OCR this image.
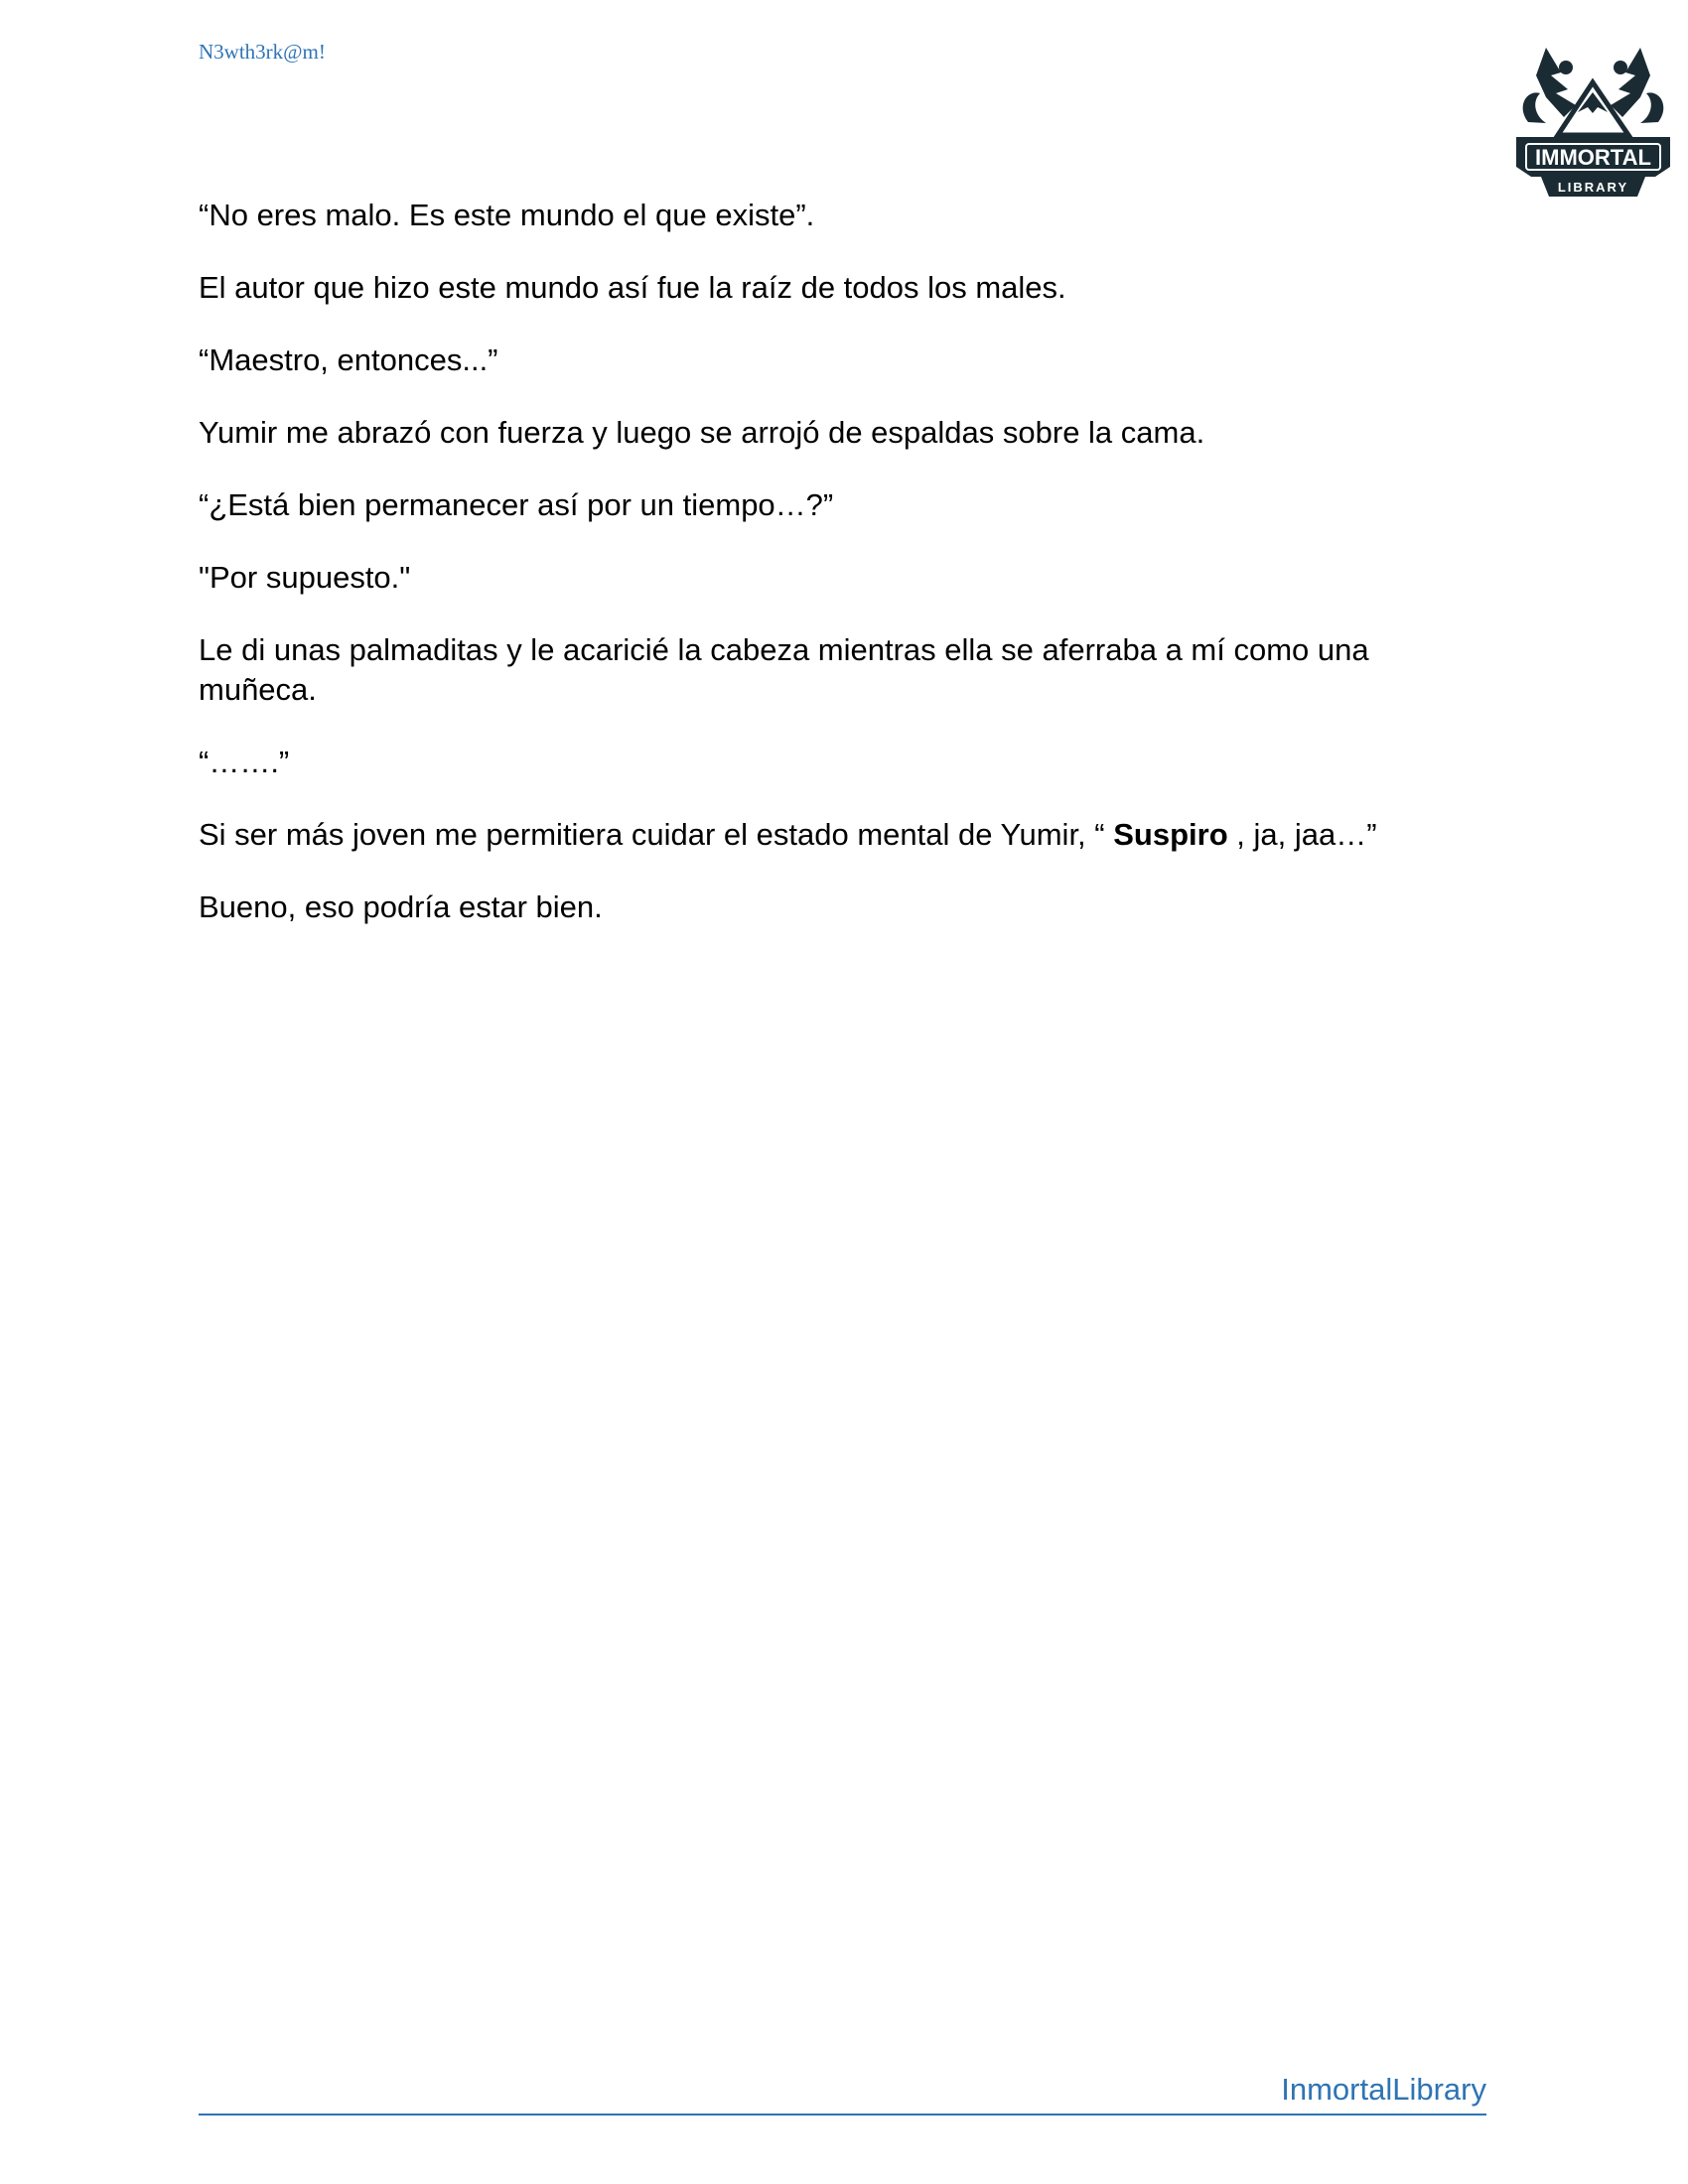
N3wth3rk@m!
IMMORTAL
LIBRARY

“No eres malo. Es este mundo el que existe”.

El autor que hizo este mundo así fue la raíz de todos los males.

“Maestro, entonces...”

Yumir me abrazó con fuerza y luego se arrojó de espaldas sobre la cama.

“¿Está bien permanecer así por un tiempo…?”

"Por supuesto."

Le di unas palmaditas y le acaricié la cabeza mientras ella se aferraba a mí como una muñeca.

“…….”

Si ser más joven me permitiera cuidar el estado mental de Yumir, “ Suspiro , ja, jaa…”

Bueno, eso podría estar bien.

InmortalLibrary
